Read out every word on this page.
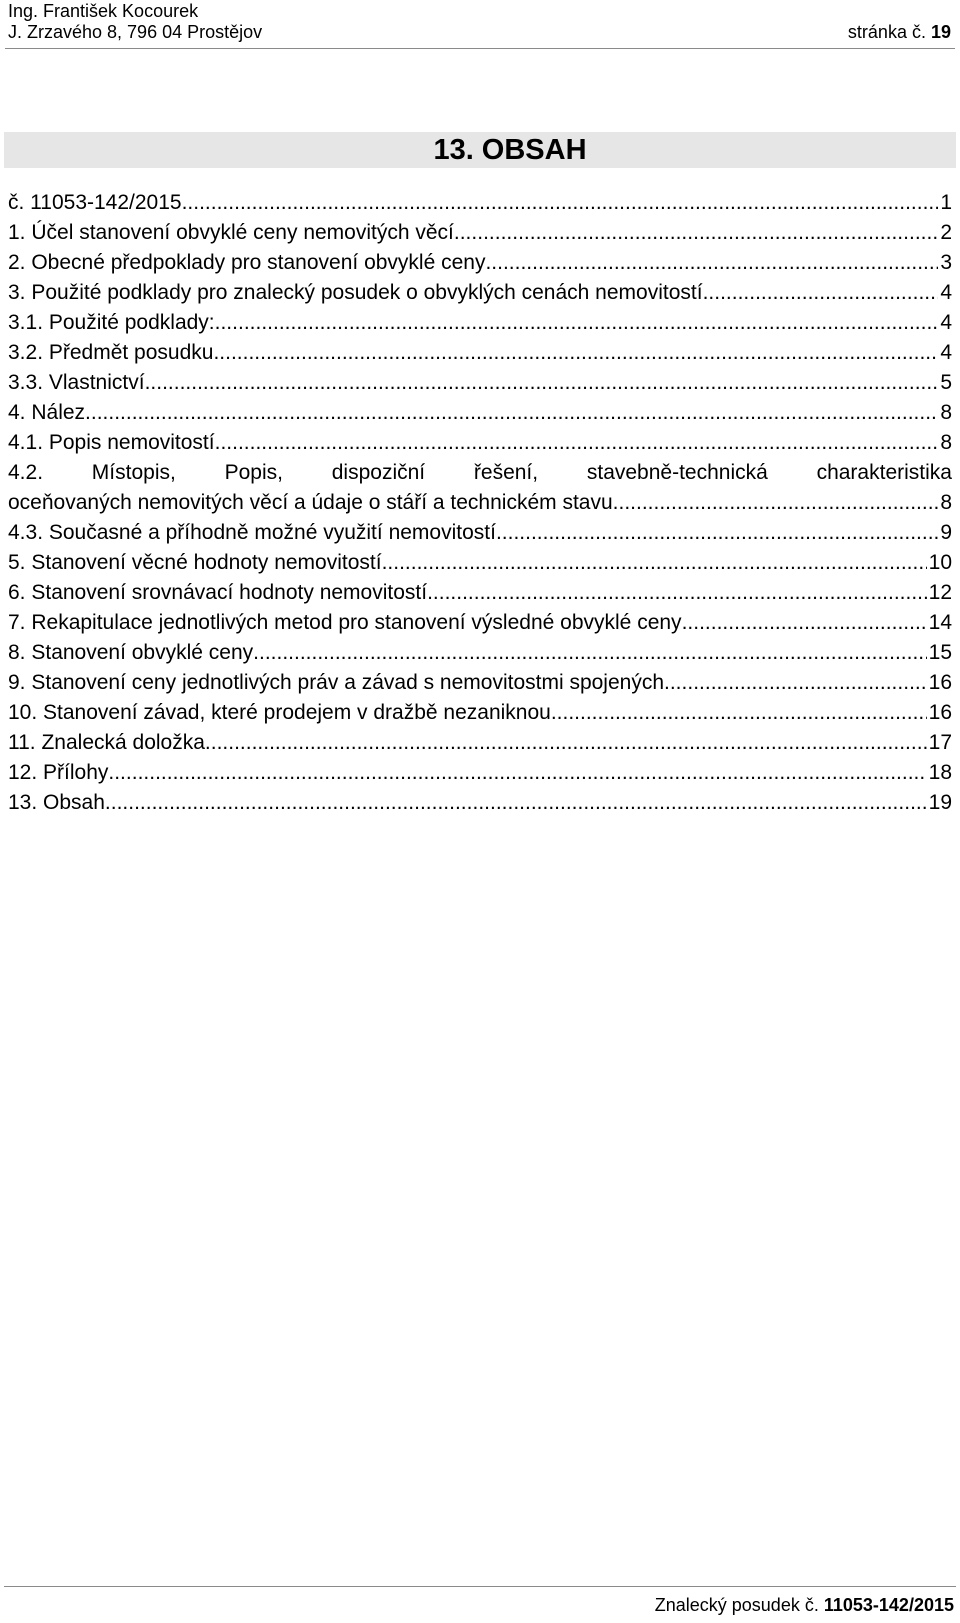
Ing. František Kocourek
J. Zrzavého 8, 796 04 Prostějov	stránka č. 19
13. OBSAH
č. 11053-142/2015 .....	1
1. Účel stanovení obvyklé ceny nemovitých věcí .....	2
2. Obecné předpoklady pro stanovení obvyklé ceny .....	3
3. Použité podklady pro znalecký posudek o obvyklých cenách nemovitostí .....	4
3.1. Použité podklady: .....	4
3.2. Předmět posudku .....	4
3.3. Vlastnictví .....	5
4. Nález .....	8
4.1. Popis nemovitostí .....	8
4.2. Místopis, Popis, dispoziční řešení, stavebně-technická charakteristika
oceňovaných nemovitých věcí a údaje o stáří a technickém stavu. .....	8
4.3. Současné a příhodně možné využití nemovitostí .....	9
5. Stanovení věcné hodnoty nemovitostí .....	10
6. Stanovení srovnávací hodnoty nemovitostí .....	12
7. Rekapitulace jednotlivých metod pro stanovení výsledné obvyklé ceny .....	14
8. Stanovení obvyklé ceny .....	15
9. Stanovení ceny jednotlivých práv a závad s nemovitostmi spojených .....	16
10. Stanovení závad, které prodejem v dražbě nezaniknou .....	16
11. Znalecká doložka .....	17
12. Přílohy .....	18
13. Obsah .....	19
Znalecký posudek č. 11053-142/2015
